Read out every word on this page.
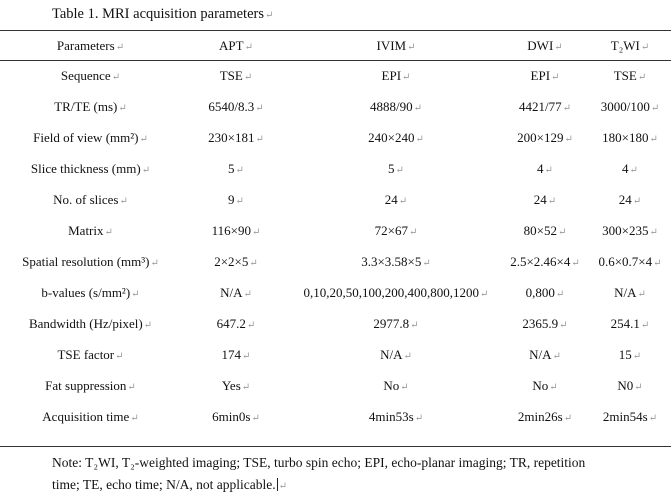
Table 1. MRI acquisition parameters↵
Parameters↵	APT↵	IVIM↵	DWI↵	T₂WI↵
Sequence↵	TSE↵	EPI↵	EPI↵	TSE↵
TR/TE (ms)↵	6540/8.3↵	4888/90↵	4421/77↵	3000/100↵
Field of view (mm²)↵	230×181↵	240×240↵	200×129↵	180×180↵
Slice thickness (mm)↵	5↵	5↵	4↵	4↵
No. of slices↵	9↵	24↵	24↵	24↵
Matrix↵	116×90↵	72×67↵	80×52↵	300×235↵
Spatial resolution (mm³)↵	2×2×5↵	3.3×3.58×5↵	2.5×2.46×4↵	0.6×0.7×4↵
b-values (s/mm²)↵	N/A↵	0,10,20,50,100,200,400,800,1200↵	0,800↵	N/A↵
Bandwidth (Hz/pixel)↵	647.2↵	2977.8↵	2365.9↵	254.1↵
TSE factor↵	174↵	N/A↵	N/A↵	15↵
Fat suppression↵	Yes↵	No↵	No↵	N0↵
Acquisition time↵	6min0s↵	4min53s↵	2min26s↵	2min54s↵
Note: T₂WI, T₂-weighted imaging; TSE, turbo spin echo; EPI, echo-planar imaging; TR, repetition
time; TE, echo time; N/A, not applicable. ↵
